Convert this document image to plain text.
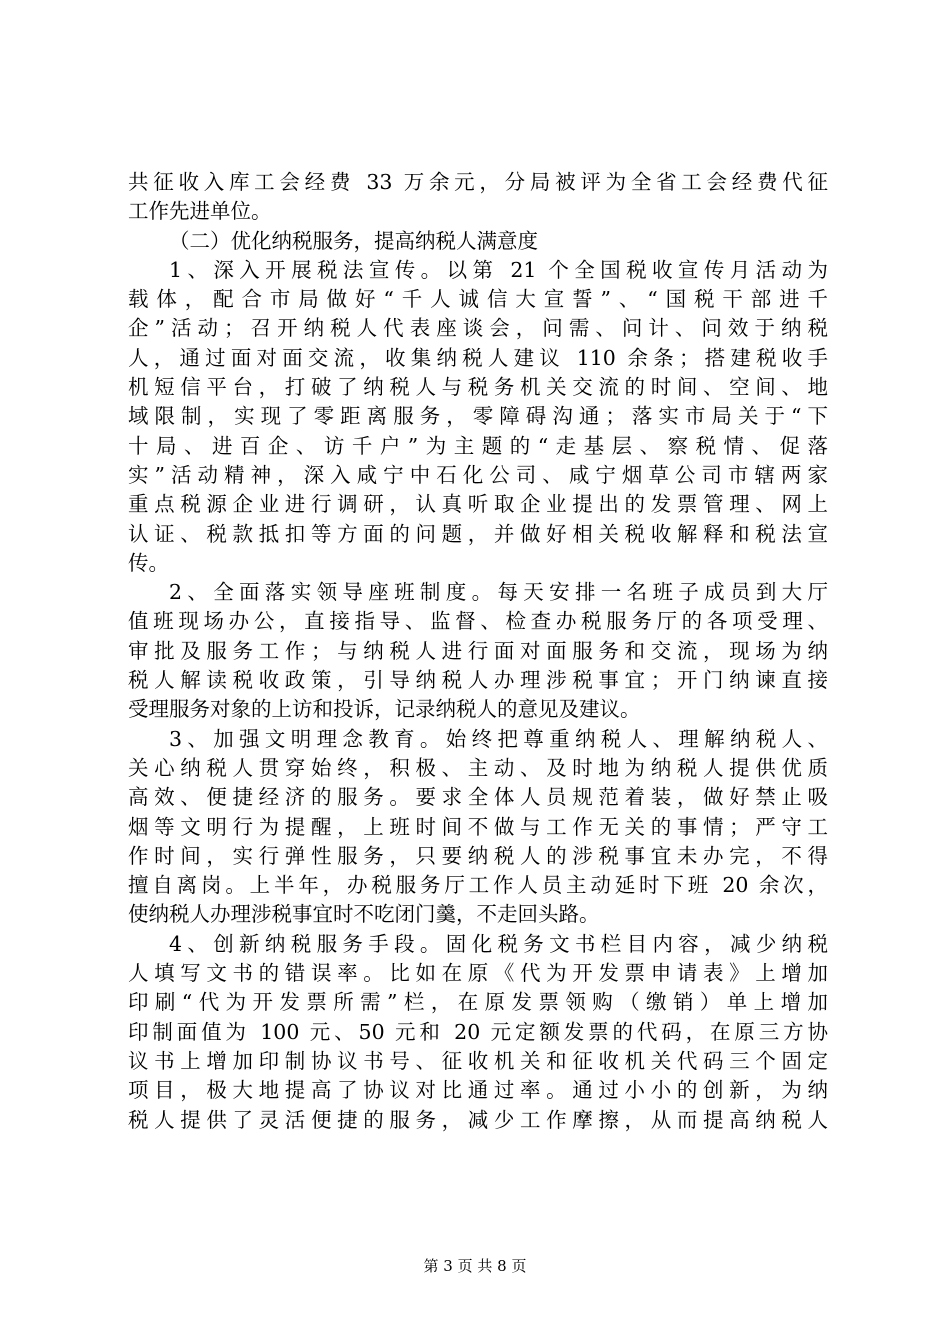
共征收入库工会经费 33 万余元，分局被评为全省工会经费代征
工作先进单位。
（二）优化纳税服务，提高纳税人满意度
1、深入开展税法宣传。以第 21 个全国税收宣传月活动为
载体，配合市局做好“千人诚信大宣誓”、“国税干部进千
企”活动；召开纳税人代表座谈会，问需、问计、问效于纳税
人，通过面对面交流，收集纳税人建议 110 余条；搭建税收手
机短信平台，打破了纳税人与税务机关交流的时间、空间、地
域限制，实现了零距离服务，零障碍沟通；落实市局关于“下
十局、进百企、访千户”为主题的“走基层、察税情、促落
实”活动精神，深入咸宁中石化公司、咸宁烟草公司市辖两家
重点税源企业进行调研，认真听取企业提出的发票管理、网上
认证、税款抵扣等方面的问题，并做好相关税收解释和税法宣
传。
2、全面落实领导座班制度。每天安排一名班子成员到大厅
值班现场办公，直接指导、监督、检查办税服务厅的各项受理、
审批及服务工作；与纳税人进行面对面服务和交流，现场为纳
税人解读税收政策，引导纳税人办理涉税事宜；开门纳谏直接
受理服务对象的上访和投诉，记录纳税人的意见及建议。
3、加强文明理念教育。始终把尊重纳税人、理解纳税人、
关心纳税人贯穿始终，积极、主动、及时地为纳税人提供优质
高效、便捷经济的服务。要求全体人员规范着装，做好禁止吸
烟等文明行为提醒，上班时间不做与工作无关的事情；严守工
作时间，实行弹性服务，只要纳税人的涉税事宜未办完，不得
擅自离岗。上半年，办税服务厅工作人员主动延时下班 20 余次，
使纳税人办理涉税事宜时不吃闭门羹，不走回头路。
4、创新纳税服务手段。固化税务文书栏目内容，减少纳税
人填写文书的错误率。比如在原《代为开发票申请表》上增加
印刷“代为开发票所需”栏，在原发票领购（缴销）单上增加
印制面值为 100 元、50 元和 20 元定额发票的代码，在原三方协
议书上增加印制协议书号、征收机关和征收机关代码三个固定
项目，极大地提高了协议对比通过率。通过小小的创新，为纳
税人提供了灵活便捷的服务，减少工作摩擦，从而提高纳税人
第 3 页 共 8 页
